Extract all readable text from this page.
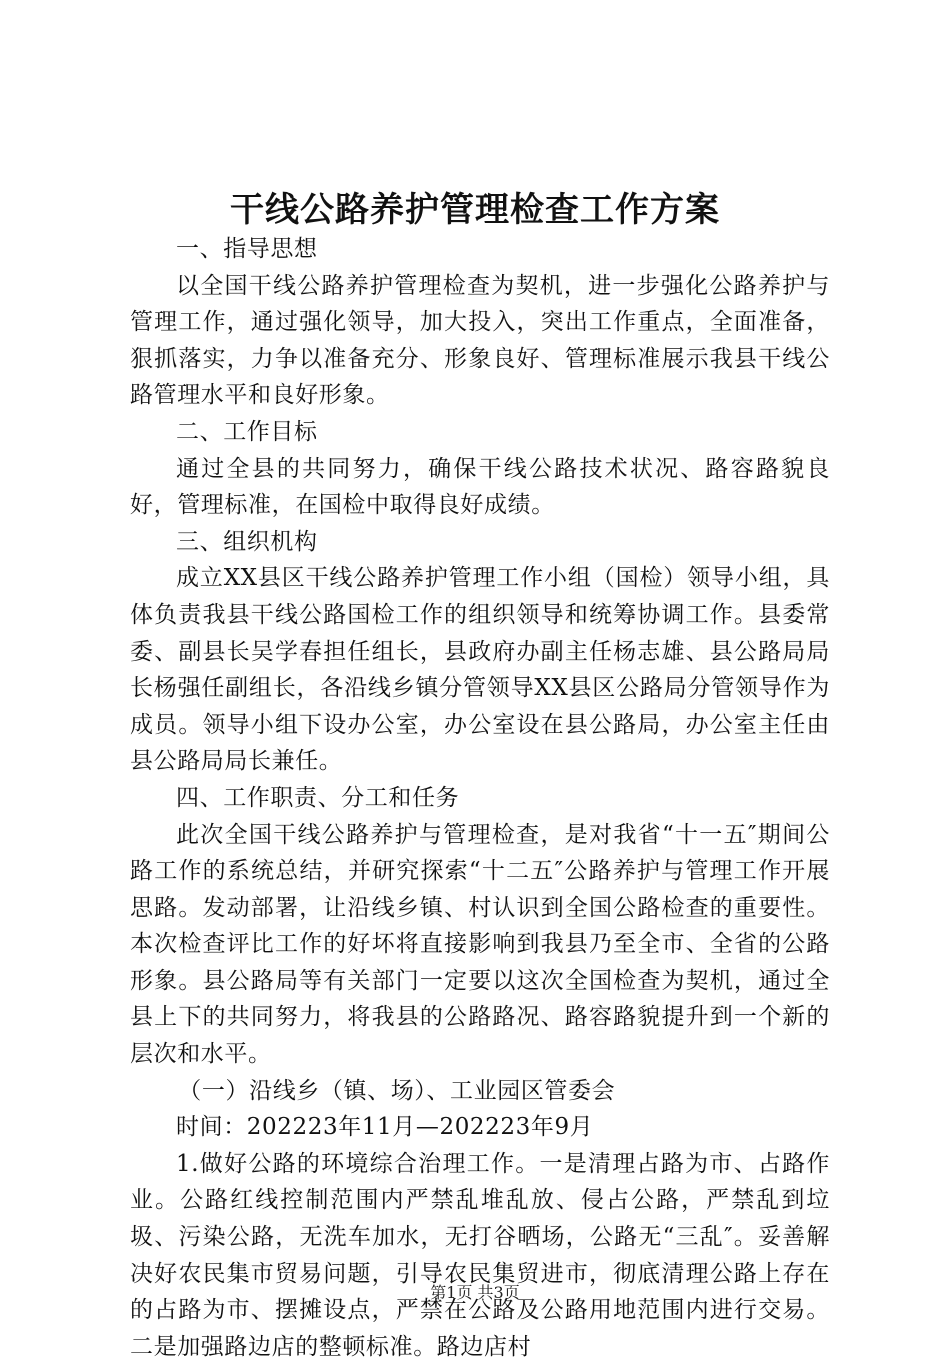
干线公路养护管理检查工作方案

一、指导思想

以全国干线公路养护管理检查为契机，进一步强化公路养护与管理工作，通过强化领导，加大投入，突出工作重点，全面准备，狠抓落实，力争以准备充分、形象良好、管理标准展示我县干线公路管理水平和良好形象。

二、工作目标

通过全县的共同努力，确保干线公路技术状况、路容路貌良好，管理标准，在国检中取得良好成绩。

三、组织机构

成立XX县区干线公路养护管理工作小组（国检）领导小组，具体负责我县干线公路国检工作的组织领导和统筹协调工作。县委常委、副县长吴学春担任组长，县政府办副主任杨志雄、县公路局局长杨强任副组长，各沿线乡镇分管领导XX县区公路局分管领导作为成员。领导小组下设办公室，办公室设在县公路局，办公室主任由县公路局局长兼任。

四、工作职责、分工和任务

此次全国干线公路养护与管理检查，是对我省“十一五″期间公路工作的系统总结，并研究探索“十二五″公路养护与管理工作开展思路。发动部署，让沿线乡镇、村认识到全国公路检查的重要性。本次检查评比工作的好坏将直接影响到我县乃至全市、全省的公路形象。县公路局等有关部门一定要以这次全国检查为契机，通过全县上下的共同努力，将我县的公路路况、路容路貌提升到一个新的层次和水平。

（一）沿线乡（镇、场）、工业园区管委会

时间：202223年11月—202223年9月

1.做好公路的环境综合治理工作。一是清理占路为市、占路作业。公路红线控制范围内严禁乱堆乱放、侵占公路，严禁乱到垃圾、污染公路，无洗车加水，无打谷晒场，公路无“三乱″。妥善解决好农民集市贸易问题，引导农民集贸进市，彻底清理公路上存在的占路为市、摆摊设点，严禁在公路及公路用地范围内进行交易。二是加强路边店的整顿标准。路边店村

第1页 共3页
